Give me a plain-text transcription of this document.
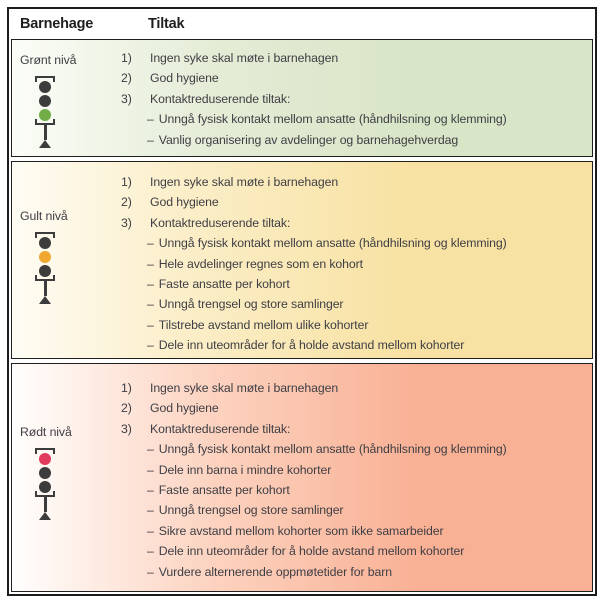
Barnehage	Tiltak
Grønt nivå	1)	Ingen syke skal møte i barnehagen
2)	God hygiene
3)	Kontaktreduserende tiltak:
– Unngå fysisk kontakt mellom ansatte (håndhilsning og klemming)
– Vanlig organisering av avdelinger og barnehagehverdag
Gult nivå
1)	Ingen syke skal møte i barnehagen
2)	God hygiene
3)	Kontaktreduserende tiltak:
– Unngå fysisk kontakt mellom ansatte (håndhilsning og klemming)
– Hele avdelinger regnes som en kohort
– Faste ansatte per kohort
– Unngå trengsel og store samlinger
– Tilstrebe avstand mellom ulike kohorter
– Dele inn uteområder for å holde avstand mellom kohorter
Rødt nivå
1)	Ingen syke skal møte i barnehagen
2)	God hygiene
3)	Kontaktreduserende tiltak:
– Unngå fysisk kontakt mellom ansatte (håndhilsning og klemming)
– Dele inn barna i mindre kohorter
– Faste ansatte per kohort
– Unngå trengsel og store samlinger
– Sikre avstand mellom kohorter som ikke samarbeider
– Dele inn uteområder for å holde avstand mellom kohorter
– Vurdere alternerende oppmøtetider for barn
